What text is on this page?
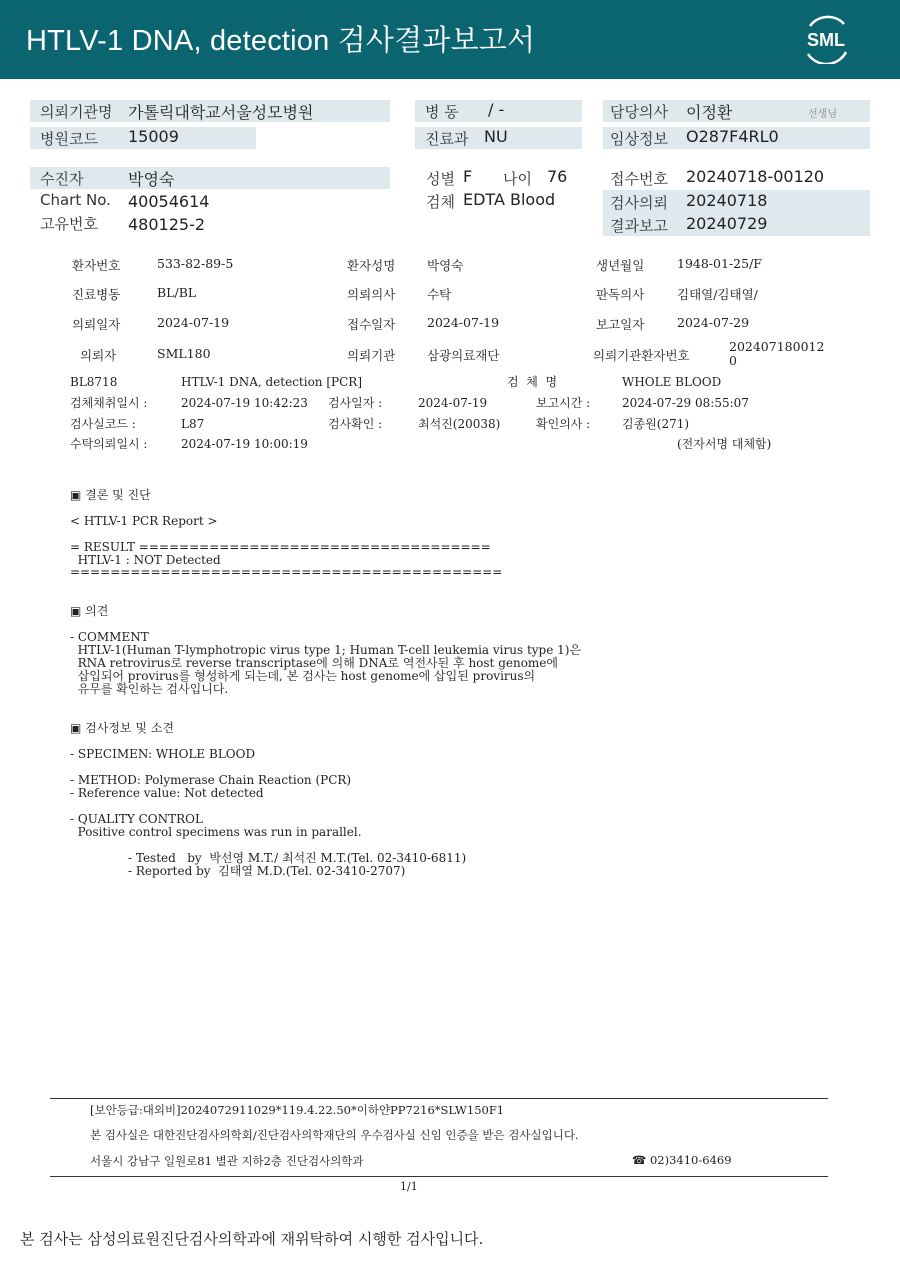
HTLV-1 DNA, detection 검사결과보고서	SML
의뢰기관명 가톨릭대학교서울성모병원	병 동 / -	담당의사 이정환	선생님
병원코드 15009	진료과 NU	임상정보 O287F4RL0
수진자	박영숙	성별 F 나이 76	접수번호 20240718-00120
Chart No. 40054614	검체 EDTA Blood	검사의뢰 20240718
고유번호 480125-2	결과보고 20240729
환자번호	533-82-89-5	환자성명	박영숙	생년월일	1948-01-25/F
진료병동	BL/BL	의뢰의사	수탁	판독의사	김태열/김태열/
의뢰일자	2024-07-19	접수일자	2024-07-19	보고일자	2024-07-29
의뢰자	SML180	의뢰기관	삼광의료재단	의뢰기관환자번호
202407180012
0
BL8718	HTLV-1 DNA, detection [PCR]	검  체  명	WHOLE BLOOD
검체채취일시 :	2024-07-19 10:42:23 검사일자 :	2024-07-19	보고시간 :	2024-07-29 08:55:07
검사실코드 :	L87	검사확인 :	최석진(20038)	확인의사 :	김종원(271)
수탁의뢰일시 :	2024-07-19 10:00:19	(전자서명 대체함)
▣ 결론 및 진단
< HTLV-1 PCR Report >
= RESULT ===================================
HTLV-1 : NOT Detected
===========================================
▣ 의견
- COMMENT
HTLV-1(Human T-lymphotropic virus type 1; Human T-cell leukemia virus type 1)은
RNA retrovirus로 reverse transcriptase에 의해 DNA로 역전사된 후 host genome에
삽입되어 provirus를 형성하게 되는데, 본 검사는 host genome에 삽입된 provirus의
유무를 확인하는 검사입니다.
▣ 검사정보 및 소견
- SPECIMEN: WHOLE BLOOD
- METHOD: Polymerase Chain Reaction (PCR)
- Reference value: Not detected
- QUALITY CONTROL
Positive control specimens was run in parallel.
- Tested   by  박선영 M.T./ 최석진 M.T.(Tel. 02-3410-6811)
- Reported by  김태열 M.D.(Tel. 02-3410-2707)
[보안등급:대외비]2024072911029*119.4.22.50*이하얀PP7216*SLW150F1
본 검사실은 대한진단검사의학회/진단검사의학재단의 우수검사실 신임 인증을 받은 검사실입니다.
서울시 강남구 일원로81 별관 지하2층 진단검사의학과	☎ 02)3410-6469
1/1
본 검사는 삼성의료원진단검사의학과에 재위탁하여 시행한 검사입니다.
